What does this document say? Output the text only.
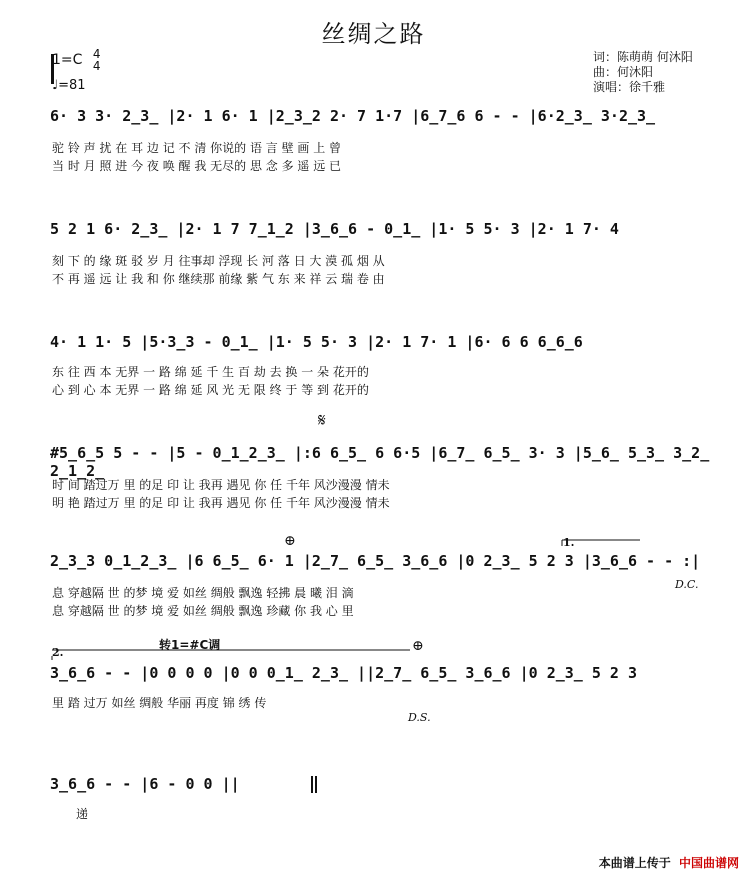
丝绸之路
1=C 4
4
♩=81
词：陈萌萌 何沐阳
曲：何沐阳
演唱：徐千雅
6· 3 3· 2̲3̲ |2· 1 6· 1 |2̲3̲2 2· 7 1·7 |6̲7̲6 6 - - |6·2̲3̲ 3·2̲3̲
驼 铃 声 扰 在 耳 边 记 不 清 你说的 语 言 壁 画 上 曾
当 时 月 照 进 今 夜 唤 醒 我 无尽的 思 念 多 遥 远 已
5 2 1 6· 2̲3̲ |2· 1 7 7̲1̲2 |3̲6̲6 - 0̲1̲ |1· 5 5· 3 |2· 1 7· 4
刻 下 的 缘 斑 驳 岁 月 往事却 浮现 长 河 落 日 大 漠 孤 烟 从
不 再 遥 远 让 我 和 你 继续那 前缘 紫 气 东 来 祥 云 瑞 卷 由
4· 1 1· 5 |5·3̲3 - 0̲1̲ |1· 5 5· 3 |2· 1 7· 1 |6· 6 6 6̲6̲6
东 往 西 本 无界 一 路 绵 延 千 生 百 劫 去 换 一 朵 花开的
心 到 心 本 无界 一 路 绵 延 风 光 无 限 终 于 等 到 花开的
𝄋
#5̲6̲5 5 - - |5 - 0̲1̲2̲3̲ |:6 6̲5̲ 6 6·5 |6̲7̲ 6̲5̲ 3· 3 |5̲6̲ 5̲3̲ 3̲2̲ 2̲1̲2̲
时 间 踏过万 里 的足 印 让 我再 遇见 你 任 千年 风沙漫漫 情未
明 艳 踏过万 里 的足 印 让 我再 遇见 你 任 千年 风沙漫漫 情未
⊕	1.
2̲3̲3 0̲1̲2̲3̲ |6 6̲5̲ 6· 1 |2̲7̲ 6̲5̲ 3̲6̲6 |0 2̲3̲ 5 2 3 |3̲6̲6 - - :|
息 穿越隔 世 的梦 境 爱 如丝 绸般 飘逸 轻拂 晨 曦 泪 滴
息 穿越隔 世 的梦 境 爱 如丝 绸般 飘逸 珍藏 你 我 心 里
D.C.
2.
转1=#C调	⊕
3̲6̲6 - - |0 0 0 0 |0 0 0̲1̲ 2̲3̲ ||2̲7̲ 6̲5̲ 3̲6̲6 |0 2̲3̲ 5 2 3
里 踏 过万 如丝 绸般 华丽 再度 锦 绣 传
D.S.
3̲6̲6 - - |6 - 0 0 ||
递
本曲谱上传于 中国曲谱网
